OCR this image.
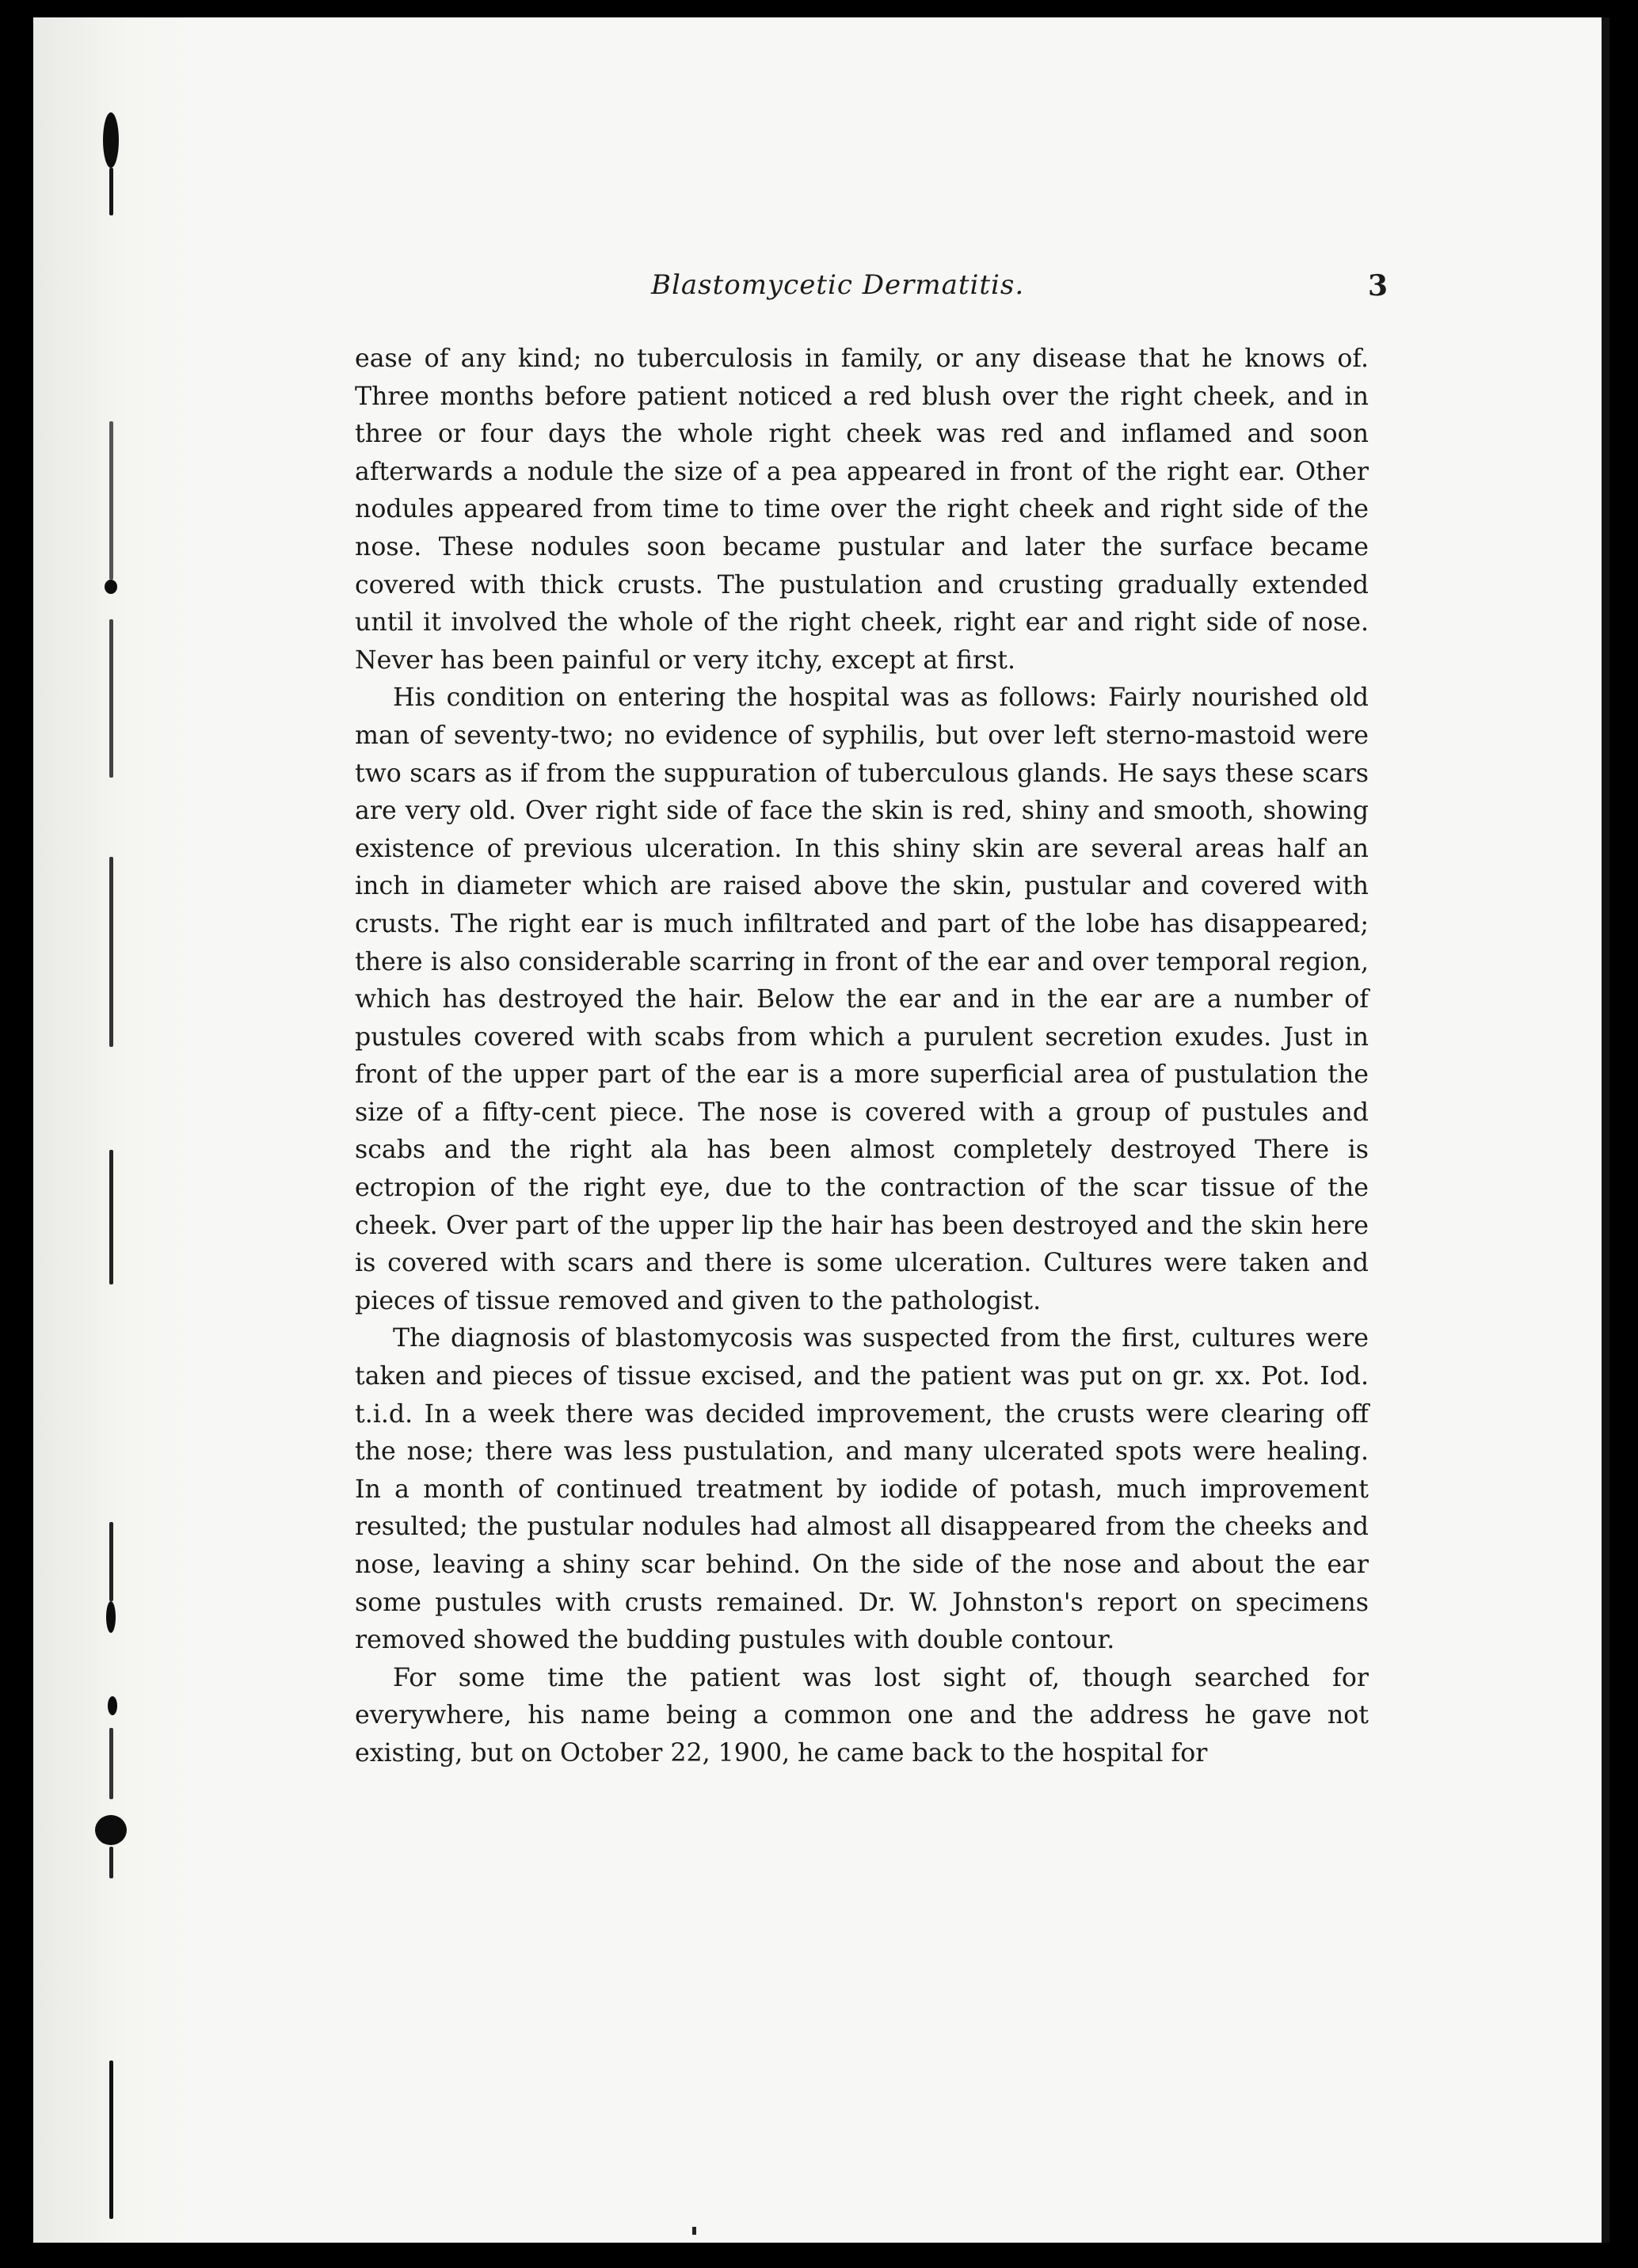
Blastomycetic Dermatitis.	3

ease of any kind; no tuberculosis in family, or any disease that he knows of. Three months before patient noticed a red blush over the right cheek, and in three or four days the whole right cheek was red and inflamed and soon afterwards a nodule the size of a pea appeared in front of the right ear. Other nodules appeared from time to time over the right cheek and right side of the nose. These nodules soon became pustular and later the surface became covered with thick crusts. The pustulation and crusting gradually extended until it involved the whole of the right cheek, right ear and right side of nose. Never has been painful or very itchy, except at first.

His condition on entering the hospital was as follows: Fairly nourished old man of seventy-two; no evidence of syphilis, but over left sterno-mastoid were two scars as if from the suppuration of tuberculous glands. He says these scars are very old. Over right side of face the skin is red, shiny and smooth, showing existence of previous ulceration. In this shiny skin are several areas half an inch in diameter which are raised above the skin, pustular and covered with crusts. The right ear is much infiltrated and part of the lobe has disappeared; there is also considerable scarring in front of the ear and over temporal region, which has destroyed the hair. Below the ear and in the ear are a number of pustules covered with scabs from which a purulent secretion exudes. Just in front of the upper part of the ear is a more superficial area of pustulation the size of a fifty-cent piece. The nose is covered with a group of pustules and scabs and the right ala has been almost completely destroyed There is ectropion of the right eye, due to the contraction of the scar tissue of the cheek. Over part of the upper lip the hair has been destroyed and the skin here is covered with scars and there is some ulceration. Cultures were taken and pieces of tissue removed and given to the pathologist.

The diagnosis of blastomycosis was suspected from the first, cultures were taken and pieces of tissue excised, and the patient was put on gr. xx. Pot. Iod. t.i.d. In a week there was decided improvement, the crusts were clearing off the nose; there was less pustulation, and many ulcerated spots were healing. In a month of continued treatment by iodide of potash, much improvement resulted; the pustular nodules had almost all disappeared from the cheeks and nose, leaving a shiny scar behind. On the side of the nose and about the ear some pustules with crusts remained. Dr. W. Johnston's report on specimens removed showed the budding pustules with double contour.

For some time the patient was lost sight of, though searched for everywhere, his name being a common one and the address he gave not existing, but on October 22, 1900, he came back to the hospital for
